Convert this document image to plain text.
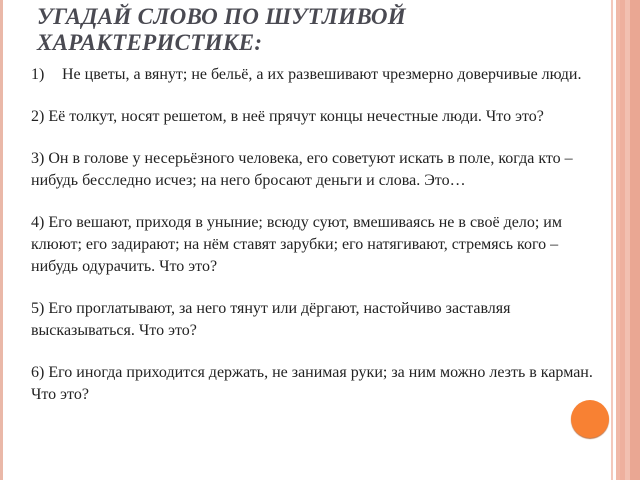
УГАДАЙ СЛОВО ПО ШУТЛИВОЙ
ХАРАКТЕРИСТИКЕ:
1)	Не цветы, а вянут; не бельё, а их развешивают чрезмерно доверчивые люди.
2) Её толкут, носят решетом, в неё прячут концы нечестные люди. Что это?
3) Он в голове у несерьёзного человека, его советуют искать в поле, когда кто – нибудь бесследно исчез; на него бросают деньги и слова. Это…
4) Его вешают, приходя в уныние; всюду суют, вмешиваясь не в своё дело; им клюют; его задирают; на нём ставят зарубки; его натягивают, стремясь кого – нибудь одурачить. Что это?
5) Его проглатывают, за него тянут или дёргают, настойчиво заставляя высказываться. Что это?
6) Его иногда приходится держать, не занимая руки; за ним можно лезть в карман. Что это?
